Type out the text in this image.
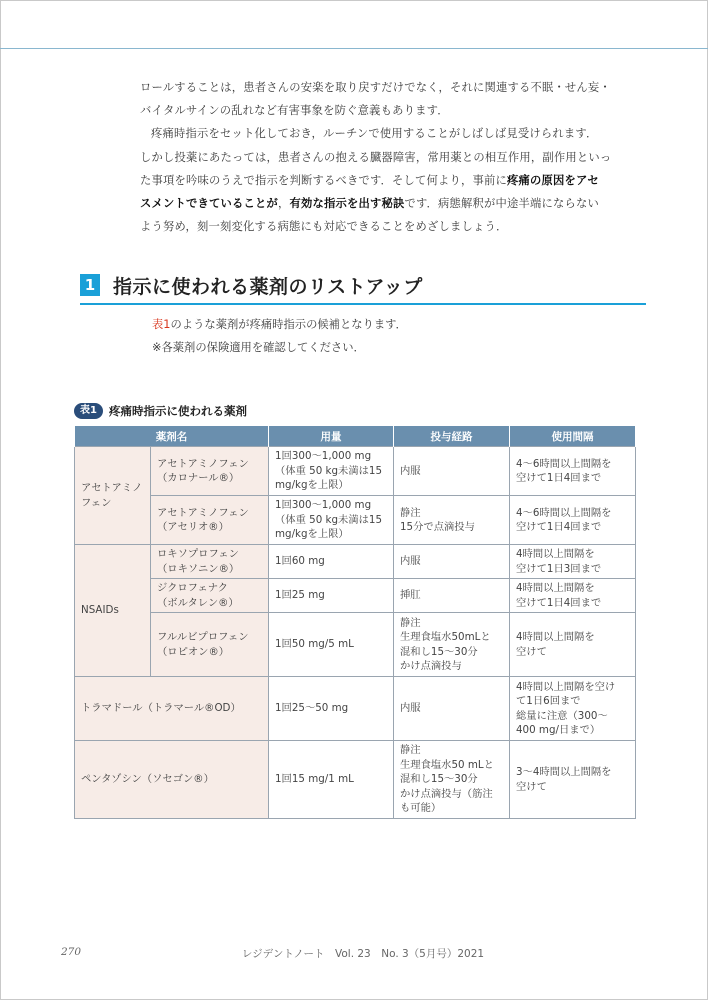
ロールすることは，患者さんの安楽を取り戻すだけでなく，それに関連する不眠・せん妄・

バイタルサインの乱れなど有害事象を防ぐ意義もあります．

疼痛時指示をセット化しておき，ルーチンで使用することがしばしば見受けられます．

しかし投薬にあたっては，患者さんの抱える臓器障害，常用薬との相互作用，副作用といっ

た事項を吟味のうえで指示を判断するべきです．そして何より，事前に疼痛の原因をアセ

スメントできていることが，有効な指示を出す秘訣です．病態解釈が中途半端にならない

よう努め，刻一刻変化する病態にも対応できることをめざしましょう．

1 指示に使われる薬剤のリストアップ
表1のような薬剤が疼痛時指示の候補となります．
※各薬剤の保険適用を確認してください．
表1	疼痛時指示に使われる薬剤
薬剤名		用量	投与経路	使用間隔
アセトアミノフェン	アセトアミノフェン
（カロナール®）	1回300～1,000 mg
（体重 50 kg未満は15
mg/kgを上限）	内服	4～6時間以上間隔を
空けて1日4回まで

	アセトアミノフェン
（アセリオ®）	1回300～1,000 mg
（体重 50 kg未満は15
mg/kgを上限）	静注
15分で点滴投与	4～6時間以上間隔を
空けて1日4回まで

NSAIDs	ロキソプロフェン
（ロキソニン®）	1回60 mg	内服	4時間以上間隔を
空けて1日3回まで

	ジクロフェナク
（ボルタレン®）	1回25 mg	挿肛	4時間以上間隔を
空けて1日4回まで

	フルルビプロフェン
（ロピオン®）	1回50 mg/5 mL	静注
生理食塩水50mLと
混和し15～30分
かけ点滴投与	4時間以上間隔を
空けて

トラマドール（トラマール®OD）		1回25～50 mg	内服	4時間以上間隔を空け
て1日6回まで
総量に注意（300～
400 mg/日まで）

ペンタゾシン（ソセゴン®）		1回15 mg/1 mL	静注
生理食塩水50 mLと
混和し15～30分
かけ点滴投与（筋注
も可能）	3～4時間以上間隔を
空けて
270	レジデントノート　Vol. 23　No. 3（5月号）2021
